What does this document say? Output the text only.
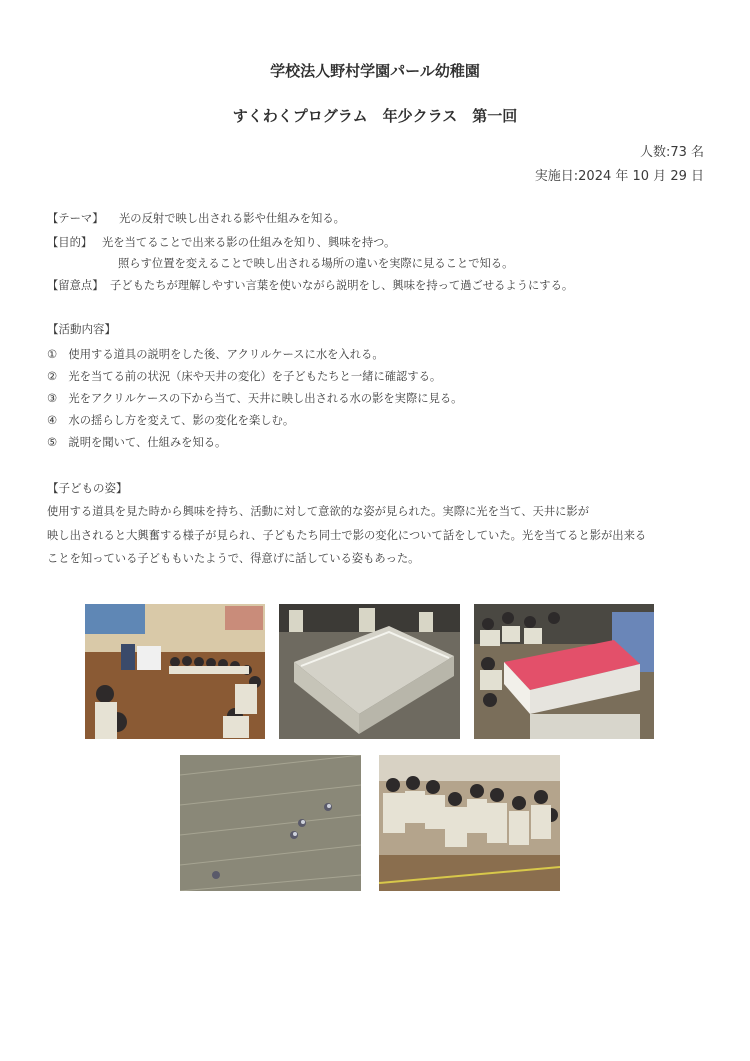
学校法人野村学園パール幼稚園
すくわくプログラム　年少クラス　第一回
人数:73 名
実施日:2024 年 10 月 29 日
【テーマ】 光の反射で映し出される影や仕組みを知る。
【目的】 光を当てることで出来る影の仕組みを知り、興味を持つ。
照らす位置を変えることで映し出される場所の違いを実際に見ることで知る。
【留意点】 子どもたちが理解しやすい言葉を使いながら説明をし、興味を持って過ごせるようにする。
【活動内容】
①　使用する道具の説明をした後、アクリルケースに水を入れる。
②　光を当てる前の状況（床や天井の変化）を子どもたちと一緒に確認する。
③　光をアクリルケースの下から当て、天井に映し出される水の影を実際に見る。
④　水の揺らし方を変えて、影の変化を楽しむ。
⑤　説明を聞いて、仕組みを知る。
【子どもの姿】
使用する道具を見た時から興味を持ち、活動に対して意欲的な姿が見られた。実際に光を当て、天井に影が
映し出されると大興奮する様子が見られ、子どもたち同士で影の変化について話をしていた。光を当てると影が出来る
ことを知っている子どももいたようで、得意げに話している姿もあった。
